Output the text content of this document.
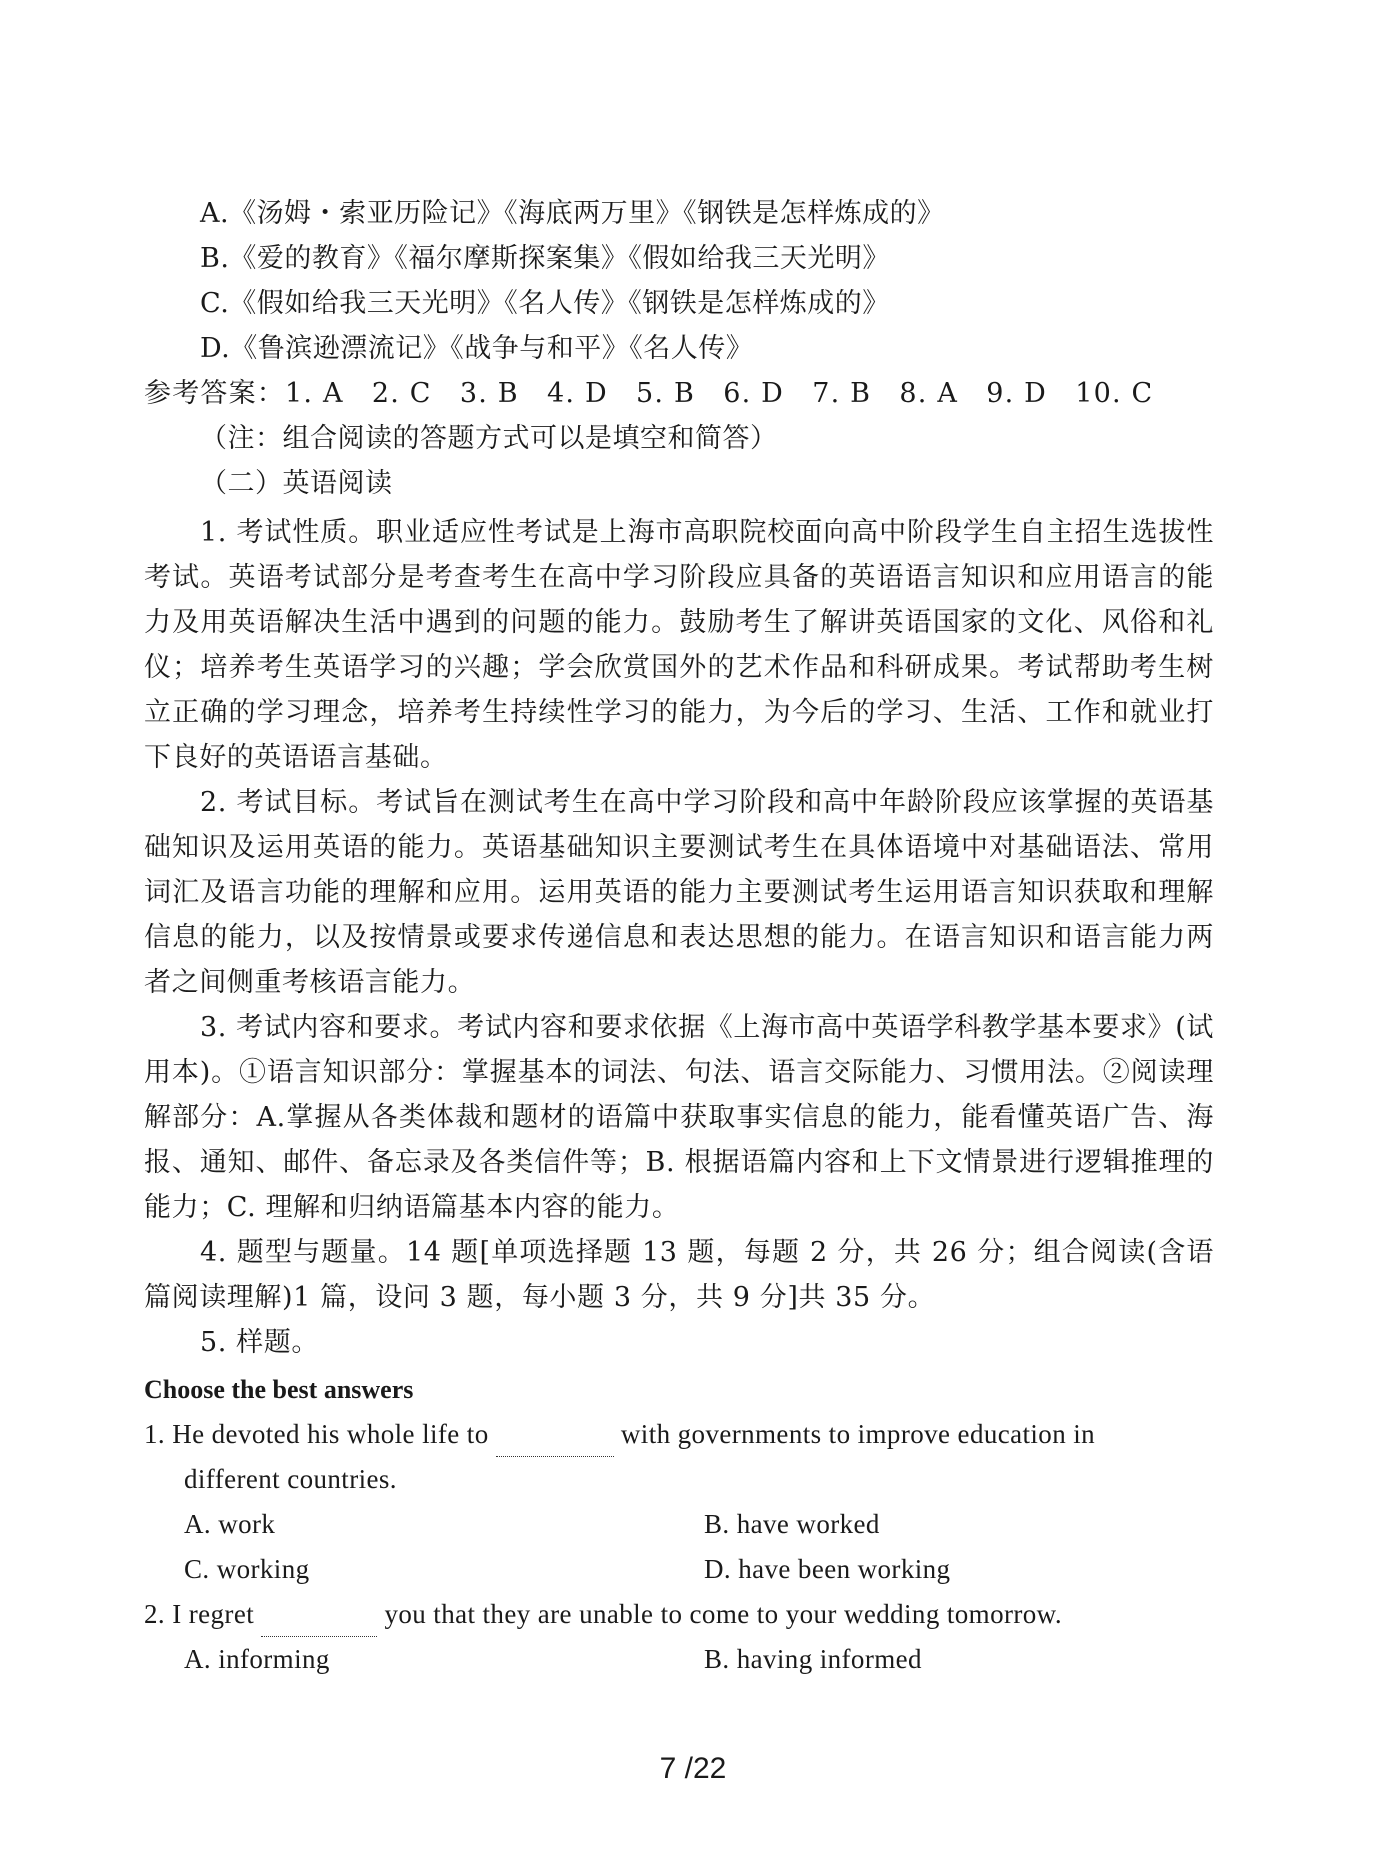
A.《汤姆・索亚历险记》《海底两万里》《钢铁是怎样炼成的》
B.《爱的教育》《福尔摩斯探案集》《假如给我三天光明》
C.《假如给我三天光明》《名人传》《钢铁是怎样炼成的》
D.《鲁滨逊漂流记》《战争与和平》《名人传》
参考答案：1. A　2. C　3. B　4. D　5. B　6. D　7. B　8. A　9. D　10. C
（注：组合阅读的答题方式可以是填空和简答）
（二）英语阅读
1. 考试性质。职业适应性考试是上海市高职院校面向高中阶段学生自主招生选拔性考试。英语考试部分是考查考生在高中学习阶段应具备的英语语言知识和应用语言的能力及用英语解决生活中遇到的问题的能力。鼓励考生了解讲英语国家的文化、风俗和礼仪；培养考生英语学习的兴趣；学会欣赏国外的艺术作品和科研成果。考试帮助考生树立正确的学习理念，培养考生持续性学习的能力，为今后的学习、生活、工作和就业打下良好的英语语言基础。
2. 考试目标。考试旨在测试考生在高中学习阶段和高中年龄阶段应该掌握的英语基础知识及运用英语的能力。英语基础知识主要测试考生在具体语境中对基础语法、常用词汇及语言功能的理解和应用。运用英语的能力主要测试考生运用语言知识获取和理解信息的能力，以及按情景或要求传递信息和表达思想的能力。在语言知识和语言能力两者之间侧重考核语言能力。
3. 考试内容和要求。考试内容和要求依据《上海市高中英语学科教学基本要求》(试用本)。①语言知识部分：掌握基本的词法、句法、语言交际能力、习惯用法。②阅读理解部分：A.掌握从各类体裁和题材的语篇中获取事实信息的能力，能看懂英语广告、海报、通知、邮件、备忘录及各类信件等；B. 根据语篇内容和上下文情景进行逻辑推理的能力；C. 理解和归纳语篇基本内容的能力。
4. 题型与题量。14 题[单项选择题 13 题，每题 2 分，共 26 分；组合阅读(含语篇阅读理解)1 篇，设问 3 题，每小题 3 分，共 9 分]共 35 分。
5. 样题。
Choose the best answers
1. He devoted his whole life to	with governments to improve education in
different countries.
A. work	B. have worked
C. working	D. have been working
2. I regret	you that they are unable to come to your wedding tomorrow.
A. informing	B. having informed
7 /22
